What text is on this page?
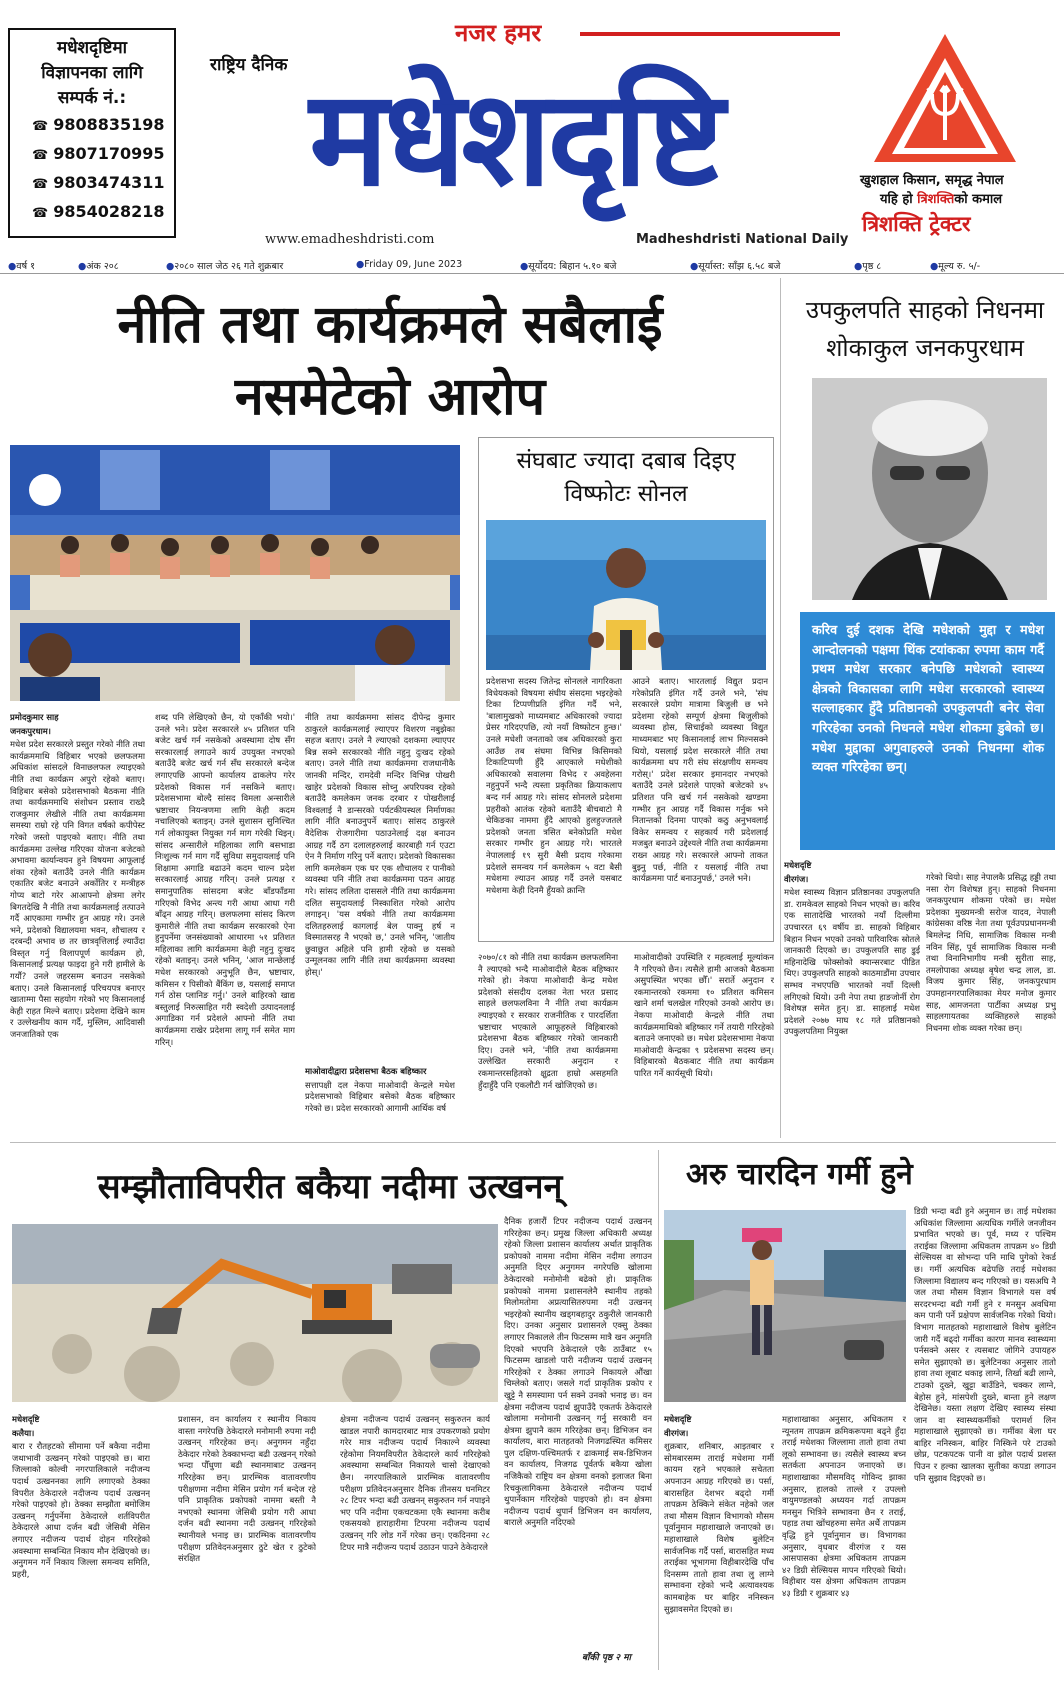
मधेशदृष्टिमा
विज्ञापनका लागि
सम्पर्क नं.:
☎ 9808835198
☎ 9807170995
☎ 9803474311
☎ 9854028218
नजर हमर
राष्ट्रिय दैनिक मधेशदृष्टि
www.emadheshdristi.com	Madheshdristi National Daily
खुशहाल किसान, समृद्ध नेपाल
यहि हो त्रिशक्तिको कमाल
त्रिशक्ति ट्रेक्टर
● वर्ष १	● अंक २०८	● २०८० साल जेठ २६ गते शुक्रबार	● Friday 09, June 2023	● सूर्योदय: बिहान ५.१० बजे	● सूर्यास्त: साँझ ६.५८ बजे	● पृष्ठ ८	● मूल्य रु. ५/-
नीति तथा कार्यक्रमले सबैलाई
नसमेटेको आरोप

प्रमोदकुमार साह

जनकपुरधाम।

मधेश प्रदेश सरकारले प्रस्तुत गरेको नीति तथा कार्यक्रममाथि विहिबार भएको छलफलमा अधिकांश सांसदले विनाछलफल ल्याइएको नीति तथा कार्यक्रम अपुरो रहेको बताए। विहिबार बसेको प्रदेशसभाको बैठकमा नीति तथा कार्यक्रममाथि संशोधन प्रस्ताव राख्दै राजकुमार लेखीले नीति तथा कार्यक्रममा समस्या राम्रो रहे पनि विगत वर्षको कपीपेस्ट गरेको जस्तो पाइएको बताए। नीति तथा कार्यक्रममा उल्लेख गरिएका योजना बजेटको अभावमा कार्यान्वयन हुने विषयमा आफूलाई शंका रहेको बताउँदै उनले नीति कार्यक्रम एकातिर बजेट बनाउने अर्कोतिर र मन्त्रीहरु गोप्य बाटो गरेर आआफ्नो क्षेत्रमा लगेर बिगतदेखि नै नीति तथा कार्यक्रमलाई तत्पाउने गर्दै आएकामा गम्भीर हुन आग्रह गरे। उनले भने, प्रदेशको विद्यालयमा भवन, शौचालय र दरबन्दी अभाव छ तर छात्रवृत्तिलाई ल्याउँदा विस्तृत गर्नु विलापपूर्ण कार्यक्रम हो, किसानलाई प्रत्यक्ष फाइदा हुने गरी हामीले के गर्यौ? उनले जहरसम्म बनाउन नसकेको बताए। उनले किसानलाई परिचयपत्र बनाएर खाताम्मा पैसा सहयोग गरेको भए किसानलाई केही राहत मिल्ने बताए। प्रदेशमा देखिने काम र उल्लेखनीय काम गर्दै, मुस्लिम, आदिवासी जनजातिको एक

शब्द पनि लेखिएको छैन, यो एकाँकी भयो।' उनले भने। प्रदेश सरकारले ४५ प्रतिशत पनि बजेट खर्च गर्न नसकेको अवस्थामा दोष सँग सरकारलाई लगाउने कार्य उपयुक्त नभएको बताउँदै बजेट खर्च गर्न सँघ सरकारले बन्देज लगाएपछि आफ्नो कार्यालय ढाकलेप गरेर प्रदेशको विकास गर्न नसकिने बताए। प्रदेशसभामा बोल्दै सांसद विमला अन्सारीले भ्रष्टाचार नियन्त्रणमा लागि केही कदम नचालिएको बताइन्। उनले सुशासन सुनिश्चित गर्न लोकायुक्त नियुक्त गर्न माग गरेकी थिइन्। सांसद अन्सारीले महिलाका लागि बसभाडा निःशुल्क गर्न माग गर्दै सुविधा समुदायलाई पनि शिक्षामा अगाडि बढाउने कदम चाल्न प्रदेश सरकारलाई आग्रह गरिन्। उनले प्रत्यक्ष र समानुपातिक सांसदमा बजेट बाँडफाँडमा गरिएको विभेद अन्त्य गरी आधा आधा गरी बाँढ्न आग्रह गरिन्। छलफलमा सांसद किरण कुमारीले नीति तथा कार्यक्रम सरकारको ऐना हुनुपर्नेमा जनसंख्याको आधारमा ५१ प्रतिशत महिलाका लागि कार्यक्रममा केही नहुनु दुःखद रहेको बताइन्। उनले भनिन्, 'आज मान्छेलाई मधेश सरकारको अनुभूति छैन, भ्रष्टाचार, कमिसन र पिसीको बैंकिंग छ, यसलाई समाप्त गर्न ठोस प्लानिङ गर्नु।' उनले बाहिरको खाद्य बस्तुलाई निरुत्साहित गरी स्वदेशी उत्पादनलाई अगाडिका गर्न प्रदेशले आफ्नो नीति तथा कार्यक्रममा राखेर प्रदेशमा लागू गर्न समेत माग गरिन्।

नीति तथा कार्यक्रममा सांसद दीपेन्द्र कुमार ठाकुरले कार्यक्रमलाई ल्याएपर विशरण नबुझेका सहज बताए। उनले नै ल्याएको दशकमा ल्याएपर बिन्न सक्ने सरकारको नीति नहुनु दुःखद रहेको बताए। उनले नीति तथा कार्यक्रममा राजधानीकै जानकी मन्दिर, रामदेवी मन्दिर विभिन्न पोखरी खाहेर प्रदेशको विकास सोच्नु अपरिपक्व रहेको बताउँदै कमलेकम जनक दरबार र पोखरीलाई विश्वलाई नै डान्सरको पर्यटकीयस्थल निर्माणका लागि नीति बनाउनुपर्ने बताए। सांसद ठाकुरले वैदेशिक रोजगारीमा पठाउनेलाई दक्ष बनाउन आग्रह गर्दै ठग दलालहरुलाई कारबाही गर्न एउटा ऐन नै निर्माण गरिनु पर्ने बताए। प्रदेशको विकासका लागि कमलेकम एक घर एक शौचालय र पानीको व्यवस्था पनि नीति तथा कार्यक्रममा पठन आग्रह गरे। सांसद ललिता दाससले नीति तथा कार्यक्रममा दलित समुदायलाई निस्काशित गरेको आरोप लगाइन्। 'यस वर्षको नीति तथा कार्यक्रममा दलितहरुलाई कागलाई बेल पाक्नु हर्ष न विस्मातसरह नै भएको छ,' उनले भनिन्, 'जातीय छुवाछुत अहिले पनि हामी रहेको छ यसको उन्मूलनका लागि नीति तथा कार्यक्रममा व्यवस्था होस्।'

माओवादीद्वारा प्रदेशसभा बैठक बहिष्कार

सत्तापक्षी दल नेकपा माओवादी केन्द्रले मधेश प्रदेशसभाको विहिबार बसेको बैठक बहिष्कार गरेको छ। प्रदेश सरकारको आगामी आर्थिक वर्ष

संघबाट ज्यादा दबाब दिइए
विष्फोटः सोनल

प्रदेशसभा सदस्य जितेन्द्र सोनलले नागरिकता विधेयकको विषयमा संघीय संसदमा भइरहेको टिका टिप्पणीप्रति इंगित गर्दै भने, 'बालामुखको माध्यमबाट अधिकारको ज्यादा प्रेसर गरिदएपछि, त्यो नयाँ विष्फोटन हुन्छ।' उनले मधेशी जनताको जब अधिकारको कुरा आउँछ तब संघमा विभिन्न किसिमको टिकाटिप्पणी हुँदै आएकाले मधेशीको अधिकारको सवालमा विभेद र अवहेलना नहुनुपर्ने भन्दै त्यस्ता प्रकृतिका क्रियाकलाप बन्द गर्न आग्रह गरे। सांसद सोनलले प्रदेशमा प्रहरीको आतंक रहेको बताउँदै बीचबाटो मै चेकिङका नाममा हुँदै आएको हुलहुज्जतले प्रदेशको जनता त्रसित बनेकोप्रति मधेश सरकार गम्भीर हुन आग्रह गरे। भारतले नेपाललाई १९ सुरी बैसी प्रदाय गरेकामा प्रदेशले समन्वय गर्न कमलेकम ५ वटा बैसी मधेशमा ल्याउन आग्रह गर्दै उनले यसबाट मधेशमा केही दिनमै हुँयको क्रान्ति

आउने बताए। भारतलाई विद्युत प्रदान गरेकोप्रति इंगित गर्दै उनले भने, 'संघ सरकारले प्रयोग मात्रामा बिजुली छ भने प्रदेशमा रहेको सम्पूर्ण क्षेत्रमा बिजुलीको व्यवस्था होस, सिचाईको व्यवस्था विद्युत माध्यमबाट भए किसानलाई लाभ मिल्नसक्ने थियो, यसलाई प्रदेश सरकारले नीति तथा कार्यक्रममा थप गरी संघ संरक्षणीय समन्वय गरोस्।' प्रदेश सरकार इमानदार नभएको बताउँदै उनले प्रदेशले पाएको बजेटको ४५ प्रतिशत पनि खर्च गर्न नसकेको खण्डमा गम्भीर हुन आग्रह गर्दै विकास गर्नुक भने नितान्तको दिनमा पाएको कठु अनुभवलाई विकेर समन्वय र सहकार्य गरी प्रदेशलाई मजबुत बनाउने उद्देश्यले नीति तथा कार्यक्रममा राख्न आग्रह गरे। सरकारले आफ्नो ताकत बुझ्नु पर्छ, नीति र यसलाई नीति तथा कार्यक्रममा पार्ट बनाउनुपर्छ,' उनले भने।

२०७०/८१ को नीति तथा कार्यक्रम छलफलमिना नै ल्याएको भन्दै माओवादीले बैठक बहिष्कार गरेको हो। नेकपा माओवादी केन्द्र मधेश प्रदेशको संसदीय दलका नेता भरत प्रसाद साहले छलफलविना नै नीति तथा कार्यक्रम ल्याइएको र सरकार राजनीतिक र पारदर्शिता भ्रष्टाचार भएकाले आफूहरुले विहिबारको प्रदेशसभा बैठक बहिष्कार गरेको जानकारी दिए। उनले भने, 'नीति तथा कार्यक्रममा उल्लेखित सरकारी अनुदान र रकमान्तरसहितको क्षुद्रता हाम्रो असहमति हुँदाहुँदै पनि एकलौटी गर्न खोजिएको छ।

माओवादीको उपस्थिति र महत्वलाई मूल्यांकन नै गरिएको छैन। त्यसैले हामी आजको बैठकमा असुपस्थित भएका छौँ।' सरार्ते अनुदान र रकमान्तरको रकममा १० प्रतिशत कमिसन खाने शर्मा चलखेल गरिएको उनको आरोप छ। नेकपा माओवादी केन्द्रले नीति तथा कार्यक्रममाथिको बहिष्कार गर्ने तयारी गरिरहेको बताउने जनाएको छ। मधेश प्रदेशसभामा नेकपा माओवादी केन्द्रका ९ प्रदेशसभा सदस्य छन्। विहिबारको बैठकबाट नीति तथा कार्यक्रम पारित गर्ने कार्यसूची थियो।

उपकुलपति साहको निधनमा
शोकाकुल जनकपुरधाम
करिव दुई दशक देखि मधेशको मुद्दा र मधेश आन्दोलनको पक्षमा थिंक टयांकका रुपमा काम गर्दै प्रथम मधेश सरकार बनेपछि मधेशको स्वास्थ्य क्षेत्रको विकासका लागि मधेश सरकारको स्वास्थ्य सल्लाहकार हुँदै प्रतिष्ठानको उपकुलपती बनेर सेवा गरिरहेका उनको निधनले मधेश शोकमा डुबेको छ। मधेश मुद्दाका अगुवाहरुले उनको निधनमा शोक व्यक्त गरिरहेका छन्।

मधेशदृष्टि

वीरगंज।

मधेश स्वास्थ्य विज्ञान प्रतिष्ठानका उपकुलपति डा. रामकेवल साहको निधन भएको छ। करिव एक सातादेखि भारतको नयाँ दिल्लीमा उपचाररत ६९ वर्षीय डा. साहको विहिबार बिहान निधन भएको उनको पारिवारिक स्रोतले जानकारी दिएको छ। उपकुलपति साह डुई महिनादेखि फोक्सोको क्यान्सरबाट पीडित थिए। उपकुलपति साहको काठमाडौंमा उपचार सम्भव नभएपछि भारतको नयाँ दिल्ली लगिएको थियो। उनी नेपा तथा हाङजोर्नी रोग विशेषज्ञ समेत हुन्। डा. साहलाई मधेश प्रदेशले २०७७ माघ १८ गते प्रतिष्ठानको उपकुलपतिमा नियुक्त

गरेको थियो। साह नेपालकै प्रसिद्ध हड्डी तथा नसा रोग विशेषज्ञ हुन्। साहको निधनमा जनकपुरधाम शोकमा परेको छ। मधेश प्रदेशका मुख्यमन्त्री सरोज यादव, नेपाली कांग्रेसका वरिष्ठ नेता तथा पूर्वउपप्रधानमन्त्री बिमलेन्द्र निधि, सामाजिक विकास मन्त्री नविन सिंह, पूर्व सामाजिक विकास मन्त्री तथा विनानिभागीय मन्त्री सुरीता साह, तमलोपाका अध्यक्ष बृषेश चन्द्र लाल, डा. विजय कुमार सिंह, जनकपुरधाम उपमहानगरपालिकाका मेयर मनोज कुमार साह, आमजनता पार्टीका अध्यक्ष प्रभु साहलगायतका व्यक्तिहरुले साहको निधनमा शोक व्यक्त गरेका छन्।

सम्झौताविपरीत बकैया नदीमा उत्खनन्

मधेशदृष्टि

कलैया।

बारा र रौतहटको सीमामा पर्ने बकैया नदीमा जथाभावी उत्खनन् गरेको पाइएको छ। बारा जिल्लाको कोल्वी नगरपालिकाले नदीजन्य पदार्थ उत्खननका लागि लगाएको ठेक्का विपरीत ठेकेदारले नदीजन्य पदार्थ उत्खनन् गरेको पाइएको हो। ठेक्का सम्झौता बमोजिम उत्खनन् गर्नुपर्नेमा ठेकेदारले शर्तविपरीत ठेकेदारले आधा दर्जन बढी जेसिबी मेसिन लगाएर नदीजन्य पदार्थ दोहन गरिरहेको अवस्थामा सम्बन्धित निकाय मौन देखिएको छ। अनुगमन गर्ने निकाय जिल्ला समन्वय समिति, प्रहरी,

प्रशासन, वन कार्यालय र स्थानीय निकाय वास्ता नगरेपछि ठेकेदारले मनोमानी रुपमा नदी उत्खनन् गरिरहेका छन्। अनुगमन नहुँदा ठेकेदार गरेको ठेक्काभन्दा बढी उत्खनन् गरेको भन्दा पौँधुणा बढी स्थानमाबाट उत्खनन् गरिरहेका छन्। प्रारम्भिक वातावरणीय परीक्षणमा नदीमा मेसिन प्रयोग गर्न बन्देज रहे पनि प्राकृतिक प्रकोपको नाममा बस्ती नै नभएको स्थानमा जेसिबी प्रयोग गरी आधा दर्जन बढी स्थानमा नदी उत्खनन् गरिरहेको स्थानीयले भनाइ छ। प्रारम्भिक वातावरणीय परीक्षण प्रतिवेदनअनुसार ठुटे खेत र ठुटेको संरक्षित

क्षेत्रमा नदीजन्य पदार्थ उत्खनन् सकुरुतन कार्य खाडल नपारी कामदारबाट मात्र उपकरणको प्रयोग गरेर मात्र नदीजन्य पदार्थ निकाल्ने व्यवस्था रहेकोमा नियमविपरीत ठेकेदारले कार्य गरिरहेको अवस्थामा सम्बन्धित निकायले चासो देखाएको छैन। नगरपालिकाले प्रारम्भिक वातावरणीय परीक्षण प्रतिवेदनअनुसार दैनिक तीनसय घनमिटर २८ टिपर भन्दा बढी उत्खनन् सकुरुतन गर्न नपाइने भए पनि नदीमा एकचटकमा एकै स्थानमा करीब एकसयको हाराहारीमा टिपरमा नदीजन्य पदार्थ उत्खनन् गरि लोड गर्ने गरेका छन्। एकदिनमा २८ टिपर मात्रै नदीजन्य पदार्थ उठाउन पाउने ठेकेदारले

दैनिक हजारौं टिपर नदीजन्य पदार्थ उत्खनन् गरिरहेका छन्। प्रमुख जिल्ला अधिकारी अध्यक्ष रहेको जिल्ला प्रशासन कार्यालय अर्थात प्राकृतिक प्रकोपको नाममा नदीमा मेसिन नदीमा लगाउन अनुमति दिएर अनुगमन नगरेपछि खोलामा ठेकेदारको मनोमोनी बढेको हो। प्राकृतिक प्रकोपको नाममा प्रशासनलेनै स्थानीय तहको मिलोमतोमा अप्रत्यासितरुपमा नदी उत्खनन् भइरहेको स्थानीय खड्गबहादुर ठकुरीले जानकारी दिए। उनका अनुसार प्रशासनले एक्सु ठेक्का लगाएर निकालले तीन फिटसम्म मात्रै खन अनुमति दिएको भएपनि ठेकेदारले एकै ठाउँबाट १५ फिटसम्म खाडलो पारी नदीजन्य पदार्थ उत्खनन् गरिरहेको र ठेक्का लगाउने निकायले औंखा चिम्लेको बताए। जसले गर्दा प्राकृतिक प्रकोप र खुट्टे नै समस्यामा पर्न सक्ने उनको भनाइ छ। वन क्षेत्रमा नदीजन्य पदार्थ झुपाउँदै एकतर्फ ठेकेदारले खोलामा मनोमानी उत्खनन् गर्नु सरकारी वन क्षेत्रमा झुपानै काम गरिरहेका छन्। डिभिजन वन कार्यालय, बारा मातहतको निजगढस्थित कमिसर पुल दक्षिण-पश्चिमतर्फ र ढाकमाई सब-डिभिजन वन कार्यालय, निजगढ पूर्वतर्फ बकैया खोला नजिकैको राष्ट्रिय वन क्षेत्रमा वनको इलाजत बिना रिचकुलागिकमा ठेकेदारले नदीजन्य पदार्थ थुपार्नेकाम गरिरहेको पाइएको हो। वन क्षेत्रमा नदीजन्य पदार्थ थुपार्न डिभिजन वन कार्यालय, बाराले अनुमति नदिएको

बाँकी पृष्ठ २ मा
अरु चारदिन गर्मी हुने

मधेशदृष्टि

वीरगंज।

शुक्रबार, शनिबार, आइतबार र सोमबारसम्म ताराई मधेशमा गर्मी कायम रहने भएकाले सचेतता अपनाउन आग्रह गरिएको छ। पर्सा, बारासहित देशभर बढ्दो गर्मी तापक्रम ठेक्किने संकेत नहेको जल तथा मौसम विज्ञान विभागको मौसम पूर्वानुमान महाशाखाले जनाएको छ। महाशाखाले विशेष बुलेटिन सार्वजनिक गर्दै पर्सा, बारासहित मध्य तराईका भूभागमा विहीबारदेखि पाँच दिनसम्म तातो हावा तथा लु लाग्ने सम्भावना रहेको भन्दै अत्यावश्यक कामबाहेक घर बाहिर ननिस्कन सुझावसमेत दिएको छ।

महाशाखाका अनुसार, अधिकतम र न्यूनतम तापक्रम क्रमिकरूपमा बढ्ने हुँदा तराई मधेशका जिल्लामा तातो हावा तथा लूको सम्भावना छ। त्यसैले स्वास्थ्य बच्न सतर्कता अपनाउन जनाएको छ। महाशाखाका मौसमविद् गोविन्द झाका अनुसार, हालको ताल्ले र उपल्लो वायुमण्डलको अध्ययन गर्दा तापक्रम मनसुन भित्रिने सम्भावना छैन र तराई, पहाड तथा खोंचहरुमा समेत अर्थै तापक्रम वृद्धि हुने पूर्वानुमान छ। विभागका अनुसार, वृधबार वीरगंज र यस आसपासका क्षेत्रमा अधिकतम तापक्रम ४२ डिग्री सेल्सियस मापन गरिएको थियो। विहीबार यस क्षेत्रमा अधिकतम तापक्रम ४३ डिग्री र शुक्रबार ४३

डिग्री भन्दा बढी हुने अनुमान छ। ताई मधेशका अधिकांश जिल्लामा अत्यधिक गर्मीले जनजीवन प्रभावित भएको छ। पूर्व, मध्य र पश्चिम तराईका जिल्लामा अधिकतम तापक्रम ४० डिग्री सेल्सियस वा सोभन्दा पनि माथि पुगेको रेकर्ड छ। गर्मी अत्यधिक बढेपछि तराई मधेशका जिल्लामा विद्यालय बन्द गरिएको छ। यसअघि नै जल तथा मौसम विज्ञान विभागले यस वर्ष सरदरभन्दा बढी गर्मी हुने र मनसुन अवधिमा कम पानी पर्ने प्रक्षेपण सार्वजनिक गरेको थियो। विभाग मातहतको महाशाखाले विशेष बुलेटिन जारी गर्दै बढ्दो गर्मीका कारण मानव स्वास्थ्यमा पर्नसक्ने असर र त्यसबाट जोगिने उपायहरु समेत सुझाएको छ। बुलेटिनका अनुसार तातो हावा तथा लूबाट थकाइ लाग्ने, तिर्खा बढी लाग्ने, टाउको दुख्ने, खुट्टा बाउँडिने, चक्कर लाग्ने, बेहोस हुने, मांसपेशी दुख्ने, बान्ता हुने लक्षण देखिनेछ। यस्ता लक्षण देखिए स्वास्थ्य संस्था जान वा स्वास्थ्यकर्मीको परामर्श लिन महाशाखाले सुझाएको छ। गर्मीका बेला घर बाहिर ननिस्कन, बाहिर निस्किने परे टाउको छोप्न, पटकपटक पानी वा झोल पदार्थ प्रशस्त पिउन र हल्का खालका सुतीका कपडा लगाउन पनि सुझाव दिइएको छ।
